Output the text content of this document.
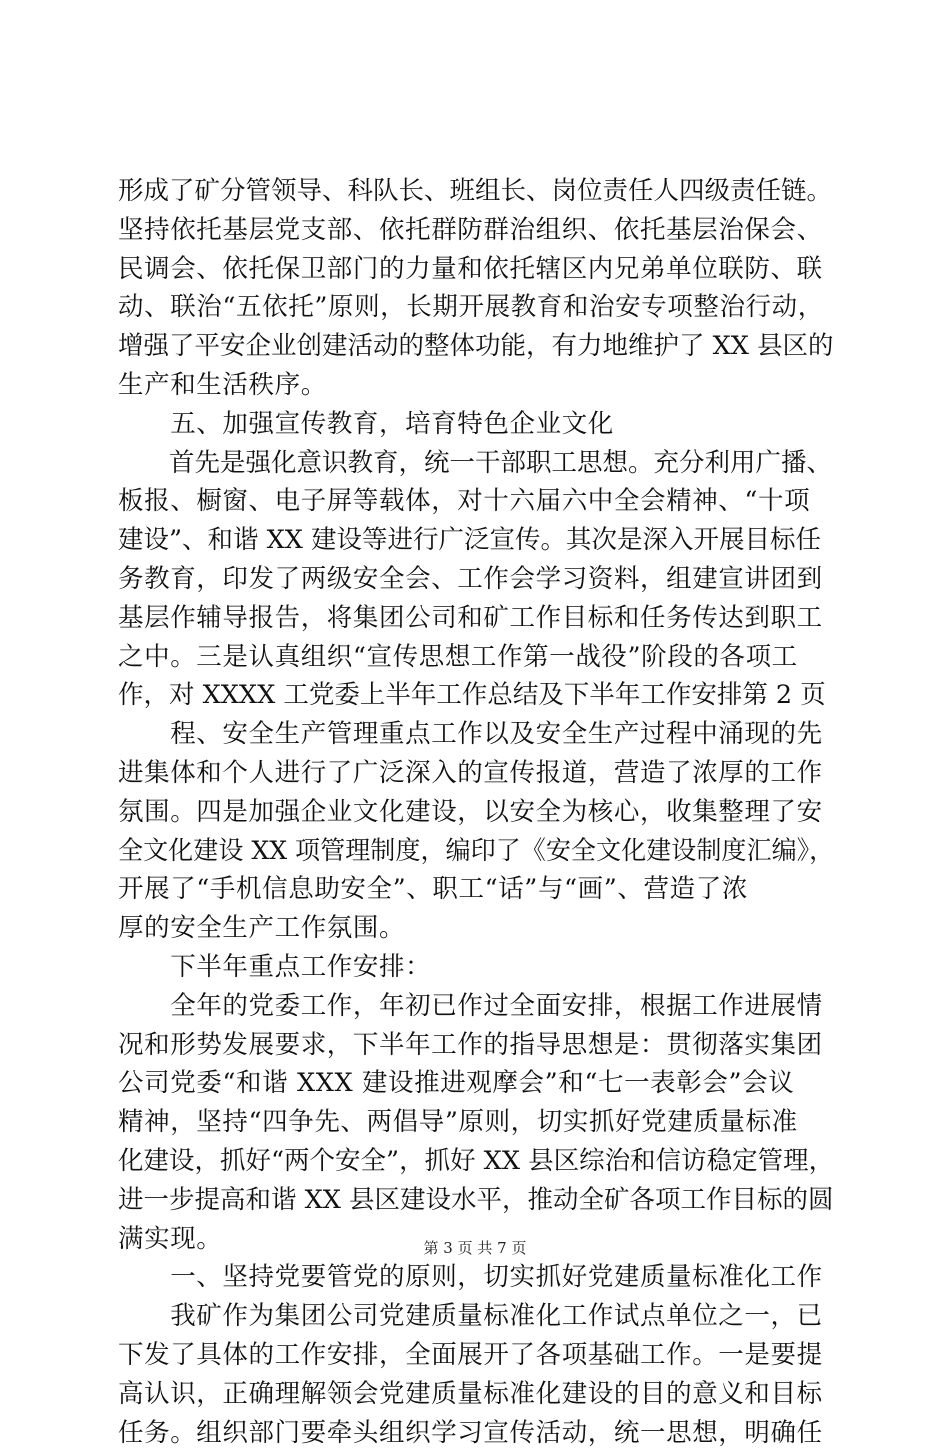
形成了矿分管领导、科队长、班组长、岗位责任人四级责任链。
坚持依托基层党支部、依托群防群治组织、依托基层治保会、
民调会、依托保卫部门的力量和依托辖区内兄弟单位联防、联
动、联治“五依托”原则，长期开展教育和治安专项整治行动，
增强了平安企业创建活动的整体功能，有力地维护了 XX 县区的
生产和生活秩序。
　　五、加强宣传教育，培育特色企业文化
　　首先是强化意识教育，统一干部职工思想。充分利用广播、
板报、橱窗、电子屏等载体，对十六届六中全会精神、“十项
建设”、和谐 XX 建设等进行广泛宣传。其次是深入开展目标任
务教育，印发了两级安全会、工作会学习资料，组建宣讲团到
基层作辅导报告，将集团公司和矿工作目标和任务传达到职工
之中。三是认真组织“宣传思想工作第一战役”阶段的各项工
作，对 XXXX 工党委上半年工作总结及下半年工作安排第 2 页
　　程、安全生产管理重点工作以及安全生产过程中涌现的先
进集体和个人进行了广泛深入的宣传报道，营造了浓厚的工作
氛围。四是加强企业文化建设，以安全为核心，收集整理了安
全文化建设 XX 项管理制度，编印了《安全文化建设制度汇编》，
开展了“手机信息助安全”、职工“话”与“画”、营造了浓
厚的安全生产工作氛围。
　　下半年重点工作安排：
　　全年的党委工作，年初已作过全面安排，根据工作进展情
况和形势发展要求，下半年工作的指导思想是：贯彻落实集团
公司党委“和谐 XXX 建设推进观摩会”和“七一表彰会”会议
精神，坚持“四争先、两倡导”原则，切实抓好党建质量标准
化建设，抓好“两个安全”，抓好 XX 县区综治和信访稳定管理，
进一步提高和谐 XX 县区建设水平，推动全矿各项工作目标的圆
满实现。
　　一、坚持党要管党的原则，切实抓好党建质量标准化工作
　　我矿作为集团公司党建质量标准化工作试点单位之一，已
下发了具体的工作安排，全面展开了各项基础工作。一是要提
高认识，正确理解领会党建质量标准化建设的目的意义和目标
任务。组织部门要牵头组织学习宣传活动，统一思想，明确任
第 3 页 共 7 页
